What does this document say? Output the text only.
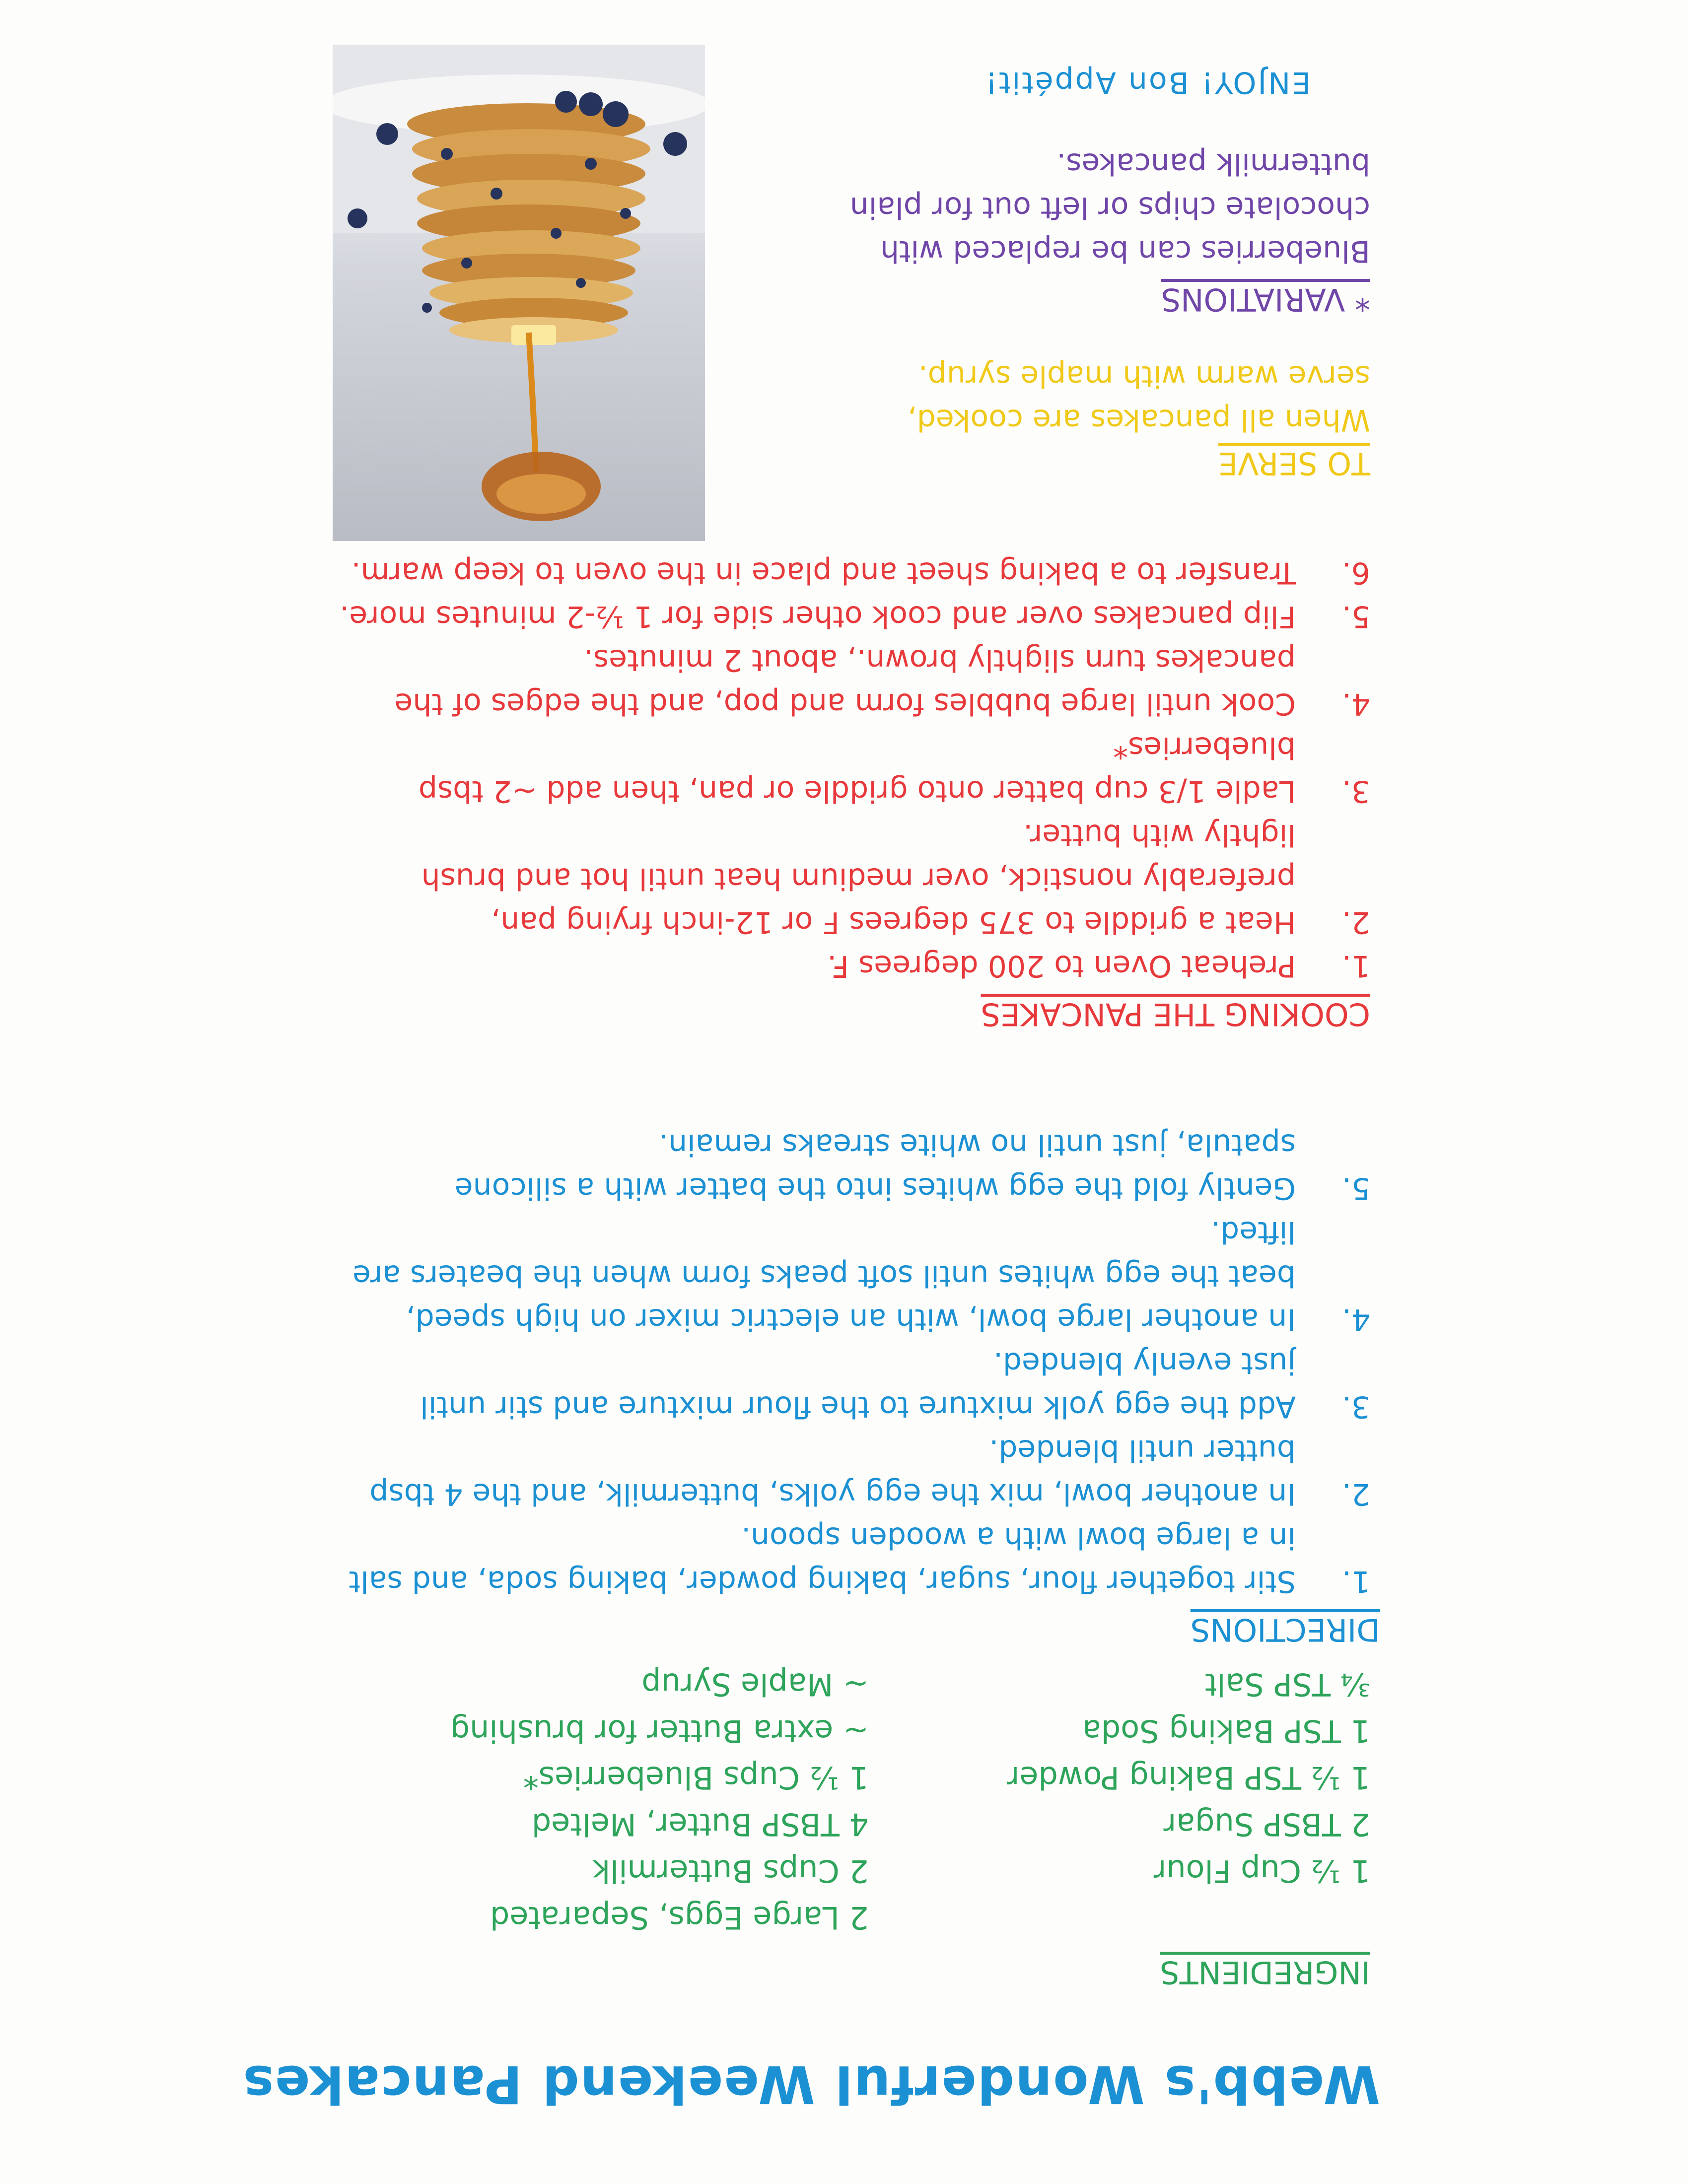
Webb's Wonderful Weekend Pancakes
INGREDIENTS

1 ½ Cup Flour
2 TBSP Sugar
1 ½ TSP Baking Powder
1 TSP Baking Soda
¾ TSP Salt
2 Large Eggs, Separated
2 Cups Buttermilk
4 TBSP Butter, Melted
1 ½ Cups Blueberries*
~ extra Butter for brushing
~ Maple Syrup
DIRECTIONS
1.
Stir together flour, sugar, baking powder, baking soda, and salt
in a large bowl with a wooden spoon.
2.
In another bowl, mix the egg yolks, buttermilk, and the 4 tbsp
butter until blended.
3.
Add the egg yolk mixture to the flour mixture and stir until
just evenly blended.
4.
In another large bowl, with an electric mixer on high speed,
beat the egg whites until soft peaks form when the beaters are
lifted.
5.
Gently fold the egg whites into the batter with a silicone
spatula, just until no white streaks remain.
COOKING THE PANCAKES
1.
Preheat Oven to 200 degrees F.
2.
Heat a griddle to 375 degrees F or 12-inch frying pan,
preferably nonstick, over medium heat until hot and brush
lightly with butter.
3.
Ladle 1/3 cup batter onto griddle or pan, then add ~2 tbsp
blueberries*
4.
Cook until large bubbles form and pop, and the edges of the
pancakes turn slightly brown., about 2 minutes.
5.
Flip pancakes over and cook other side for 1 ½-2 minutes more.
6.
Transfer to a baking sheet and place in the oven to keep warm.
TO SERVE
When all pancakes are cooked,
serve warm with maple syrup.
* VARIATIONS
Blueberries can be replaced with
chocolate chips or left out for plain
buttermilk pancakes.
ENJOY! Bon Appétit!
